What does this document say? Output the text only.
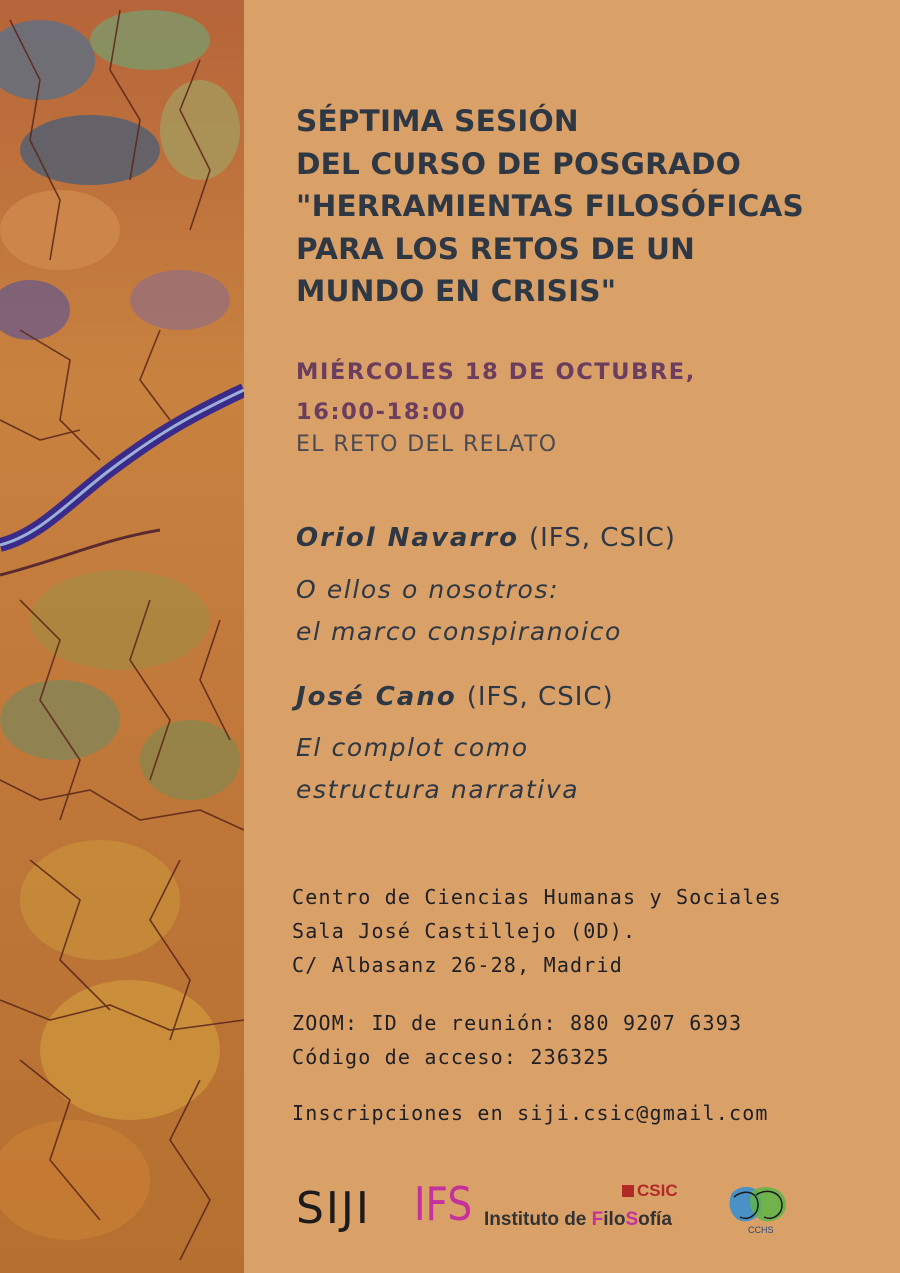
SÉPTIMA SESIÓN
DEL CURSO DE POSGRADO
"HERRAMIENTAS FILOSÓFICAS
PARA LOS RETOS DE UN
MUNDO EN CRISIS"
MIÉRCOLES 18 DE OCTUBRE,
16:00-18:00
EL RETO DEL RELATO
Oriol Navarro (IFS, CSIC)
O ellos o nosotros:
el marco conspiranoico
José Cano (IFS, CSIC)
El complot como
estructura narrativa
Centro de Ciencias Humanas y Sociales
Sala José Castillejo (0D).
C/ Albasanz 26-28, Madrid
ZOOM: ID de reunión: 880 9207 6393
Código de acceso: 236325
Inscripciones en siji.csic@gmail.com
SIJI IFS Instituto de FiloSofía
CSIC
CCHS
